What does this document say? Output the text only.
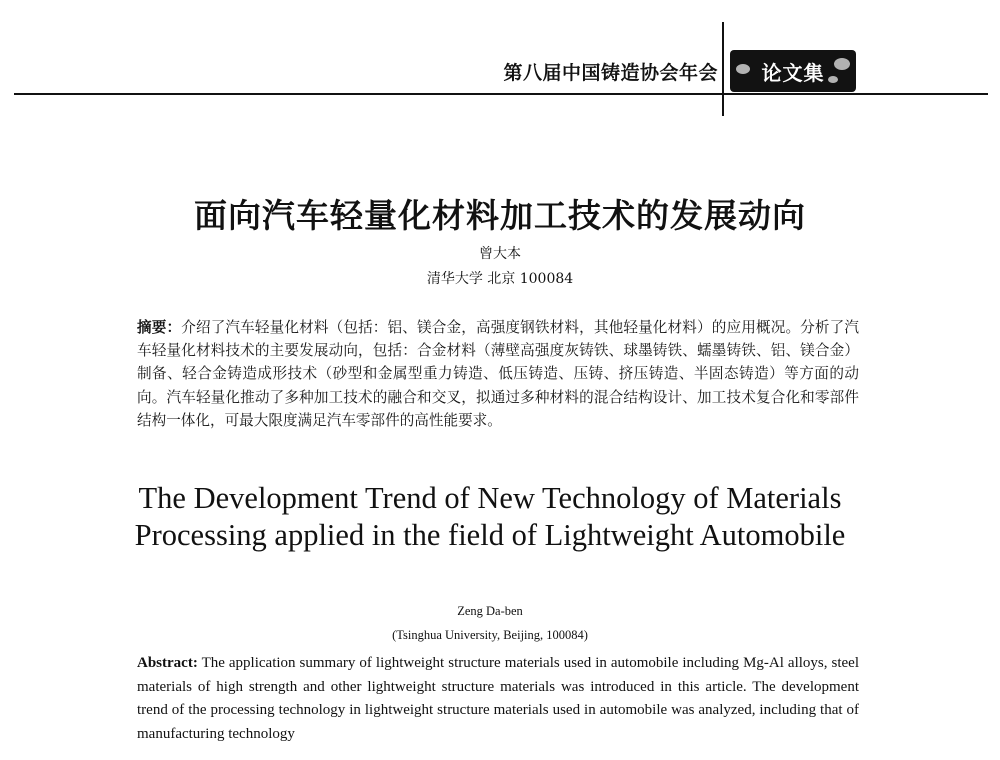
第八届中国铸造协会年会 论文集
面向汽车轻量化材料加工技术的发展动向
曾大本
清华大学 北京 100084
摘要：介绍了汽车轻量化材料（包括：铝、镁合金，高强度钢铁材料，其他轻量化材料）的应用概况。分析了汽车轻量化材料技术的主要发展动向，包括：合金材料（薄壁高强度灰铸铁、球墨铸铁、蠕墨铸铁、铝、镁合金）制备、轻合金铸造成形技术（砂型和金属型重力铸造、低压铸造、压铸、挤压铸造、半固态铸造）等方面的动向。汽车轻量化推动了多种加工技术的融合和交叉，拟通过多种材料的混合结构设计、加工技术复合化和零部件结构一体化，可最大限度满足汽车零部件的高性能要求。
The Development Trend of New Technology of Materials Processing applied in the field of Lightweight Automobile
Zeng Da-ben
(Tsinghua University, Beijing, 100084)
Abstract: The application summary of lightweight structure materials used in automobile including Mg-Al alloys, steel materials of high strength and other lightweight structure materials was introduced in this article. The development trend of the processing technology in lightweight structure materials used in automobile was analyzed, including that of manufacturing technology
